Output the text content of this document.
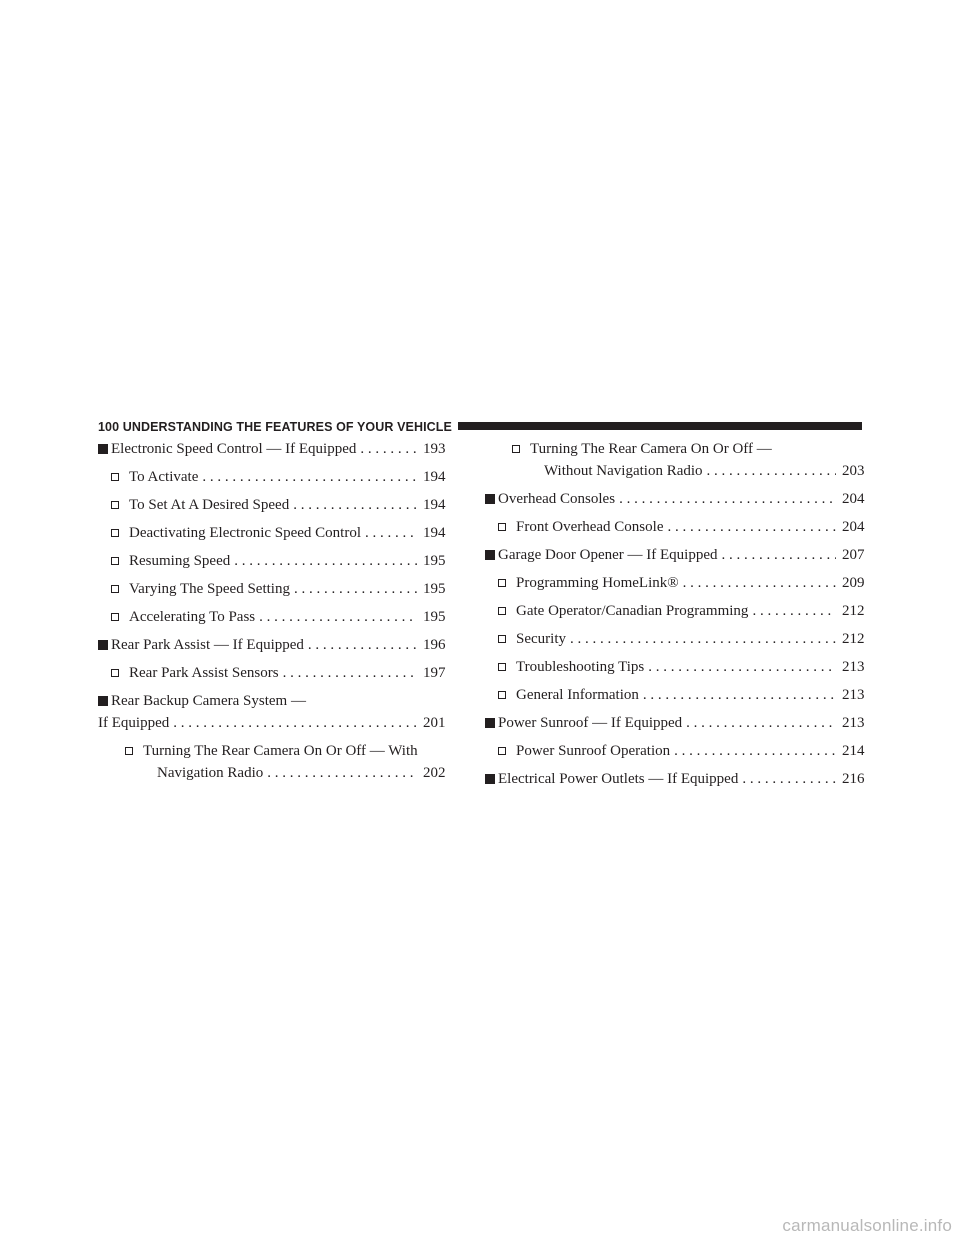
100 UNDERSTANDING THE FEATURES OF YOUR VEHICLE
Electronic Speed Control — If Equipped . . .	193
To Activate . . .	194
To Set At A Desired Speed . . .	194
Deactivating Electronic Speed Control . . .	194
Resuming Speed . . .	195
Varying The Speed Setting . . .	195
Accelerating To Pass . . .	195
Rear Park Assist — If Equipped . . .	196
Rear Park Assist Sensors . . .	197
Rear Backup Camera System —
If Equipped . . .	201
Turning The Rear Camera On Or Off — With
Navigation Radio . . .	202
Turning The Rear Camera On Or Off —
Without Navigation Radio . . .	203
Overhead Consoles . . .	204
Front Overhead Console . . .	204
Garage Door Opener — If Equipped . . .	207
Programming HomeLink® . . .	209
Gate Operator/Canadian Programming . . .	212
Security . . .	212
Troubleshooting Tips . . .	213
General Information . . .	213
Power Sunroof — If Equipped . . .	213
Power Sunroof Operation . . .	214
Electrical Power Outlets — If Equipped . . .	216
carmanualsonline.info
